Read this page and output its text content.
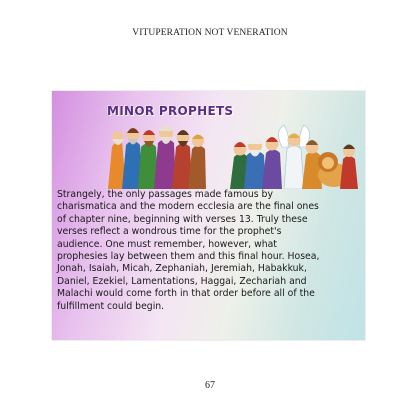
VITUPERATION NOT VENERATION
MINOR PROPHETS

Strangely, the only passages made famous by
charismatica and the modern ecclesia are the final ones
of chapter nine, beginning with verses 13. Truly these
verses reflect a wondrous time for the prophet's
audience. One must remember, however, what
prophesies lay between them and this final hour. Hosea,
Jonah, Isaiah, Micah, Zephaniah, Jeremiah, Habakkuk,
Daniel, Ezekiel, Lamentations, Haggai, Zechariah and
Malachi would come forth in that order before all of the
fulfillment could begin.

67
